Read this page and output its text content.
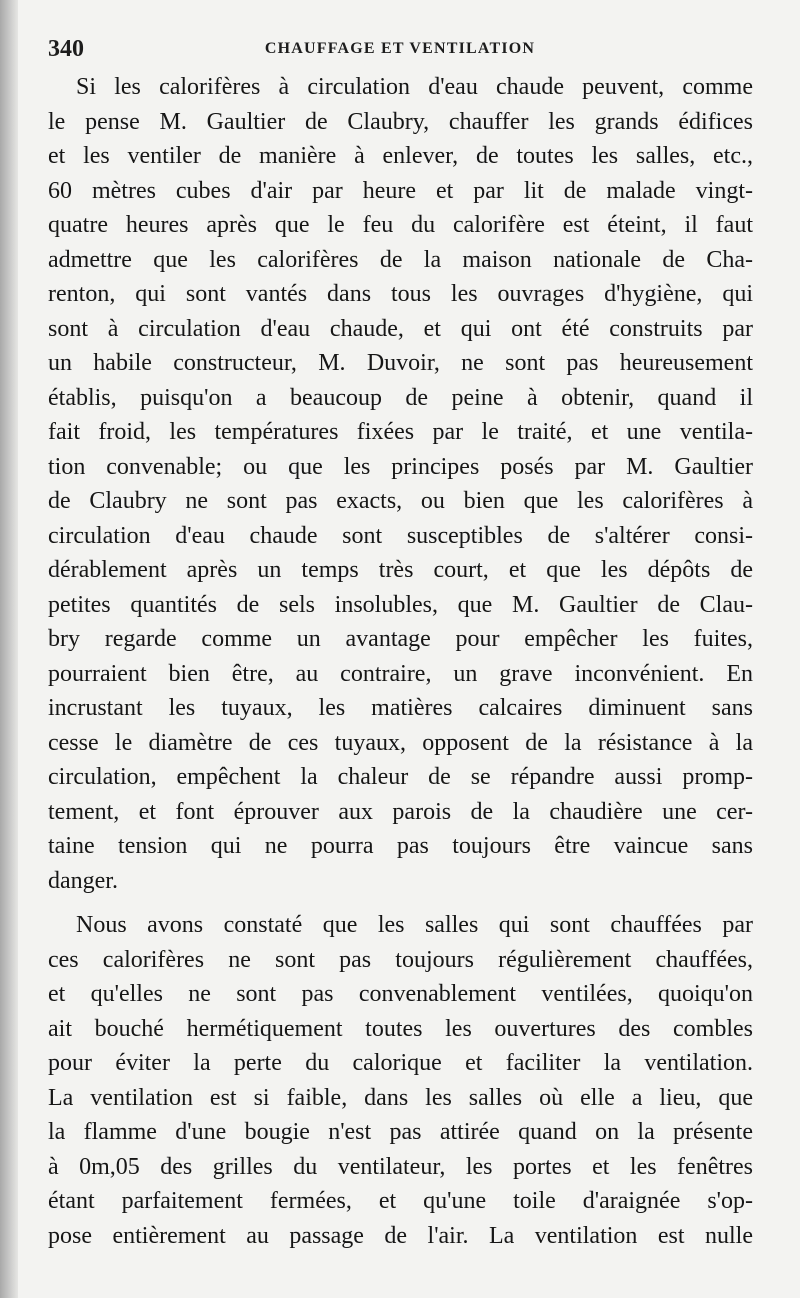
340	CHAUFFAGE ET VENTILATION
Si les calorifères à circulation d'eau chaude peuvent, comme
le pense M. Gaultier de Claubry, chauffer les grands édifices
et les ventiler de manière à enlever, de toutes les salles, etc.,
60 mètres cubes d'air par heure et par lit de malade vingt-
quatre heures après que le feu du calorifère est éteint, il faut
admettre que les calorifères de la maison nationale de Cha-
renton, qui sont vantés dans tous les ouvrages d'hygiène, qui
sont à circulation d'eau chaude, et qui ont été construits par
un habile constructeur, M. Duvoir, ne sont pas heureusement
établis, puisqu'on a beaucoup de peine à obtenir, quand il
fait froid, les températures fixées par le traité, et une ventila-
tion convenable; ou que les principes posés par M. Gaultier
de Claubry ne sont pas exacts, ou bien que les calorifères à
circulation d'eau chaude sont susceptibles de s'altérer consi-
dérablement après un temps très court, et que les dépôts de
petites quantités de sels insolubles, que M. Gaultier de Clau-
bry regarde comme un avantage pour empêcher les fuites,
pourraient bien être, au contraire, un grave inconvénient. En
incrustant les tuyaux, les matières calcaires diminuent sans
cesse le diamètre de ces tuyaux, opposent de la résistance à la
circulation, empêchent la chaleur de se répandre aussi promp-
tement, et font éprouver aux parois de la chaudière une cer-
taine tension qui ne pourra pas toujours être vaincue sans
danger.
Nous avons constaté que les salles qui sont chauffées par
ces calorifères ne sont pas toujours régulièrement chauffées,
et qu'elles ne sont pas convenablement ventilées, quoiqu'on
ait bouché hermétiquement toutes les ouvertures des combles
pour éviter la perte du calorique et faciliter la ventilation.
La ventilation est si faible, dans les salles où elle a lieu, que
la flamme d'une bougie n'est pas attirée quand on la présente
à 0m,05 des grilles du ventilateur, les portes et les fenêtres
étant parfaitement fermées, et qu'une toile d'araignée s'op-
pose entièrement au passage de l'air. La ventilation est nulle
